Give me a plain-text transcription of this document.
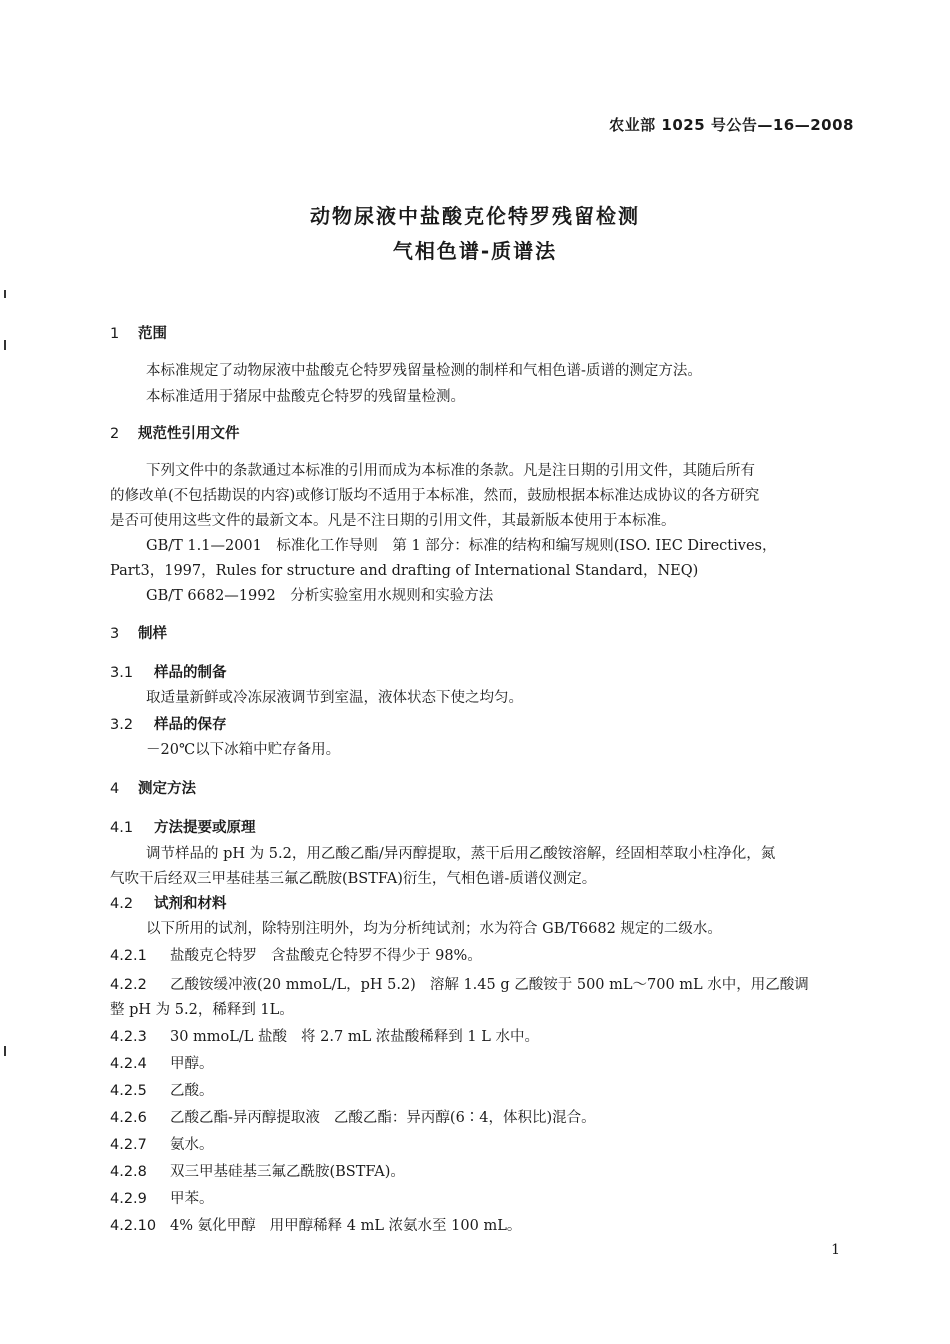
农业部 1025 号公告—16—2008
动物尿液中盐酸克伦特罗残留检测
气相色谱-质谱法
1 范围
本标准规定了动物尿液中盐酸克仑特罗残留量检测的制样和气相色谱-质谱的测定方法。
本标准适用于猪尿中盐酸克仑特罗的残留量检测。
2 规范性引用文件
下列文件中的条款通过本标准的引用而成为本标准的条款。凡是注日期的引用文件，其随后所有
的修改单(不包括勘误的内容)或修订版均不适用于本标准，然而，鼓励根据本标准达成协议的各方研究
是否可使用这些文件的最新文本。凡是不注日期的引用文件，其最新版本使用于本标准。
GB/T 1.1—2001　标准化工作导则　第 1 部分：标准的结构和编写规则(ISO. IEC Directives，
Part3，1997，Rules for structure and drafting of International Standard，NEQ)
GB/T 6682—1992　分析实验室用水规则和实验方法
3 制样
3.1 样品的制备
取适量新鲜或冷冻尿液调节到室温，液体状态下使之均匀。
3.2 样品的保存
－20℃以下冰箱中贮存备用。
4 测定方法
4.1 方法提要或原理
调节样品的 pH 为 5.2，用乙酸乙酯/异丙醇提取，蒸干后用乙酸铵溶解，经固相萃取小柱净化，氮
气吹干后经双三甲基硅基三氟乙酰胺(BSTFA)衍生，气相色谱-质谱仪测定。
4.2 试剂和材料
以下所用的试剂，除特别注明外，均为分析纯试剂；水为符合 GB/T6682 规定的二级水。
4.2.1 盐酸克仑特罗 含盐酸克仑特罗不得少于 98%。
4.2.2 乙酸铵缓冲液(20 mmoL/L，pH 5.2) 溶解 1.45 g 乙酸铵于 500 mL～700 mL 水中，用乙酸调
整 pH 为 5.2，稀释到 1L。
4.2.3 30 mmoL/L 盐酸 将 2.7 mL 浓盐酸稀释到 1 L 水中。
4.2.4 甲醇。
4.2.5 乙酸。
4.2.6 乙酸乙酯-异丙醇提取液 乙酸乙酯：异丙醇(6∶4，体积比)混合。
4.2.7 氨水。
4.2.8 双三甲基硅基三氟乙酰胺(BSTFA)。
4.2.9 甲苯。
4.2.10 4% 氨化甲醇 用甲醇稀释 4 mL 浓氨水至 100 mL。
1
